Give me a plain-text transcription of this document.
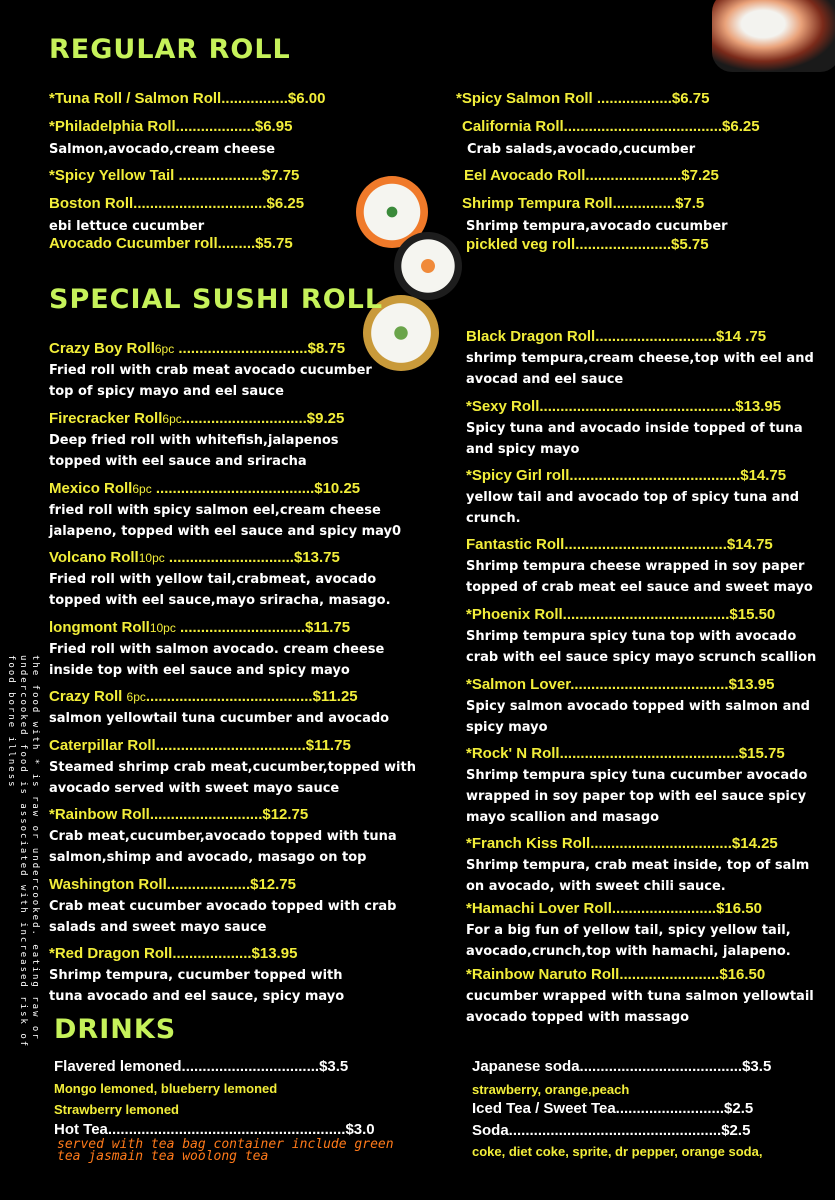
REGULAR ROLL
*Tuna Roll / Salmon Roll................$6.00
*Philadelphia Roll...................$6.95
Salmon,avocado,cream cheese
*Spicy Yellow Tail ....................$7.75
Boston Roll................................$6.25
ebi lettuce cucumber
Avocado Cucumber roll.........$5.75
*Spicy Salmon Roll ..................$6.75
California Roll......................................$6.25
Crab salads,avocado,cucumber
Eel Avocado Roll.......................$7.25
Shrimp Tempura Roll...............$7.5
Shrimp tempura,avocado cucumber
pickled veg roll.......................$5.75
SPECIAL SUSHI ROLL
Crazy Boy Roll6pc ...............................$8.75
Fried roll with crab meat avocado cucumber
top of spicy mayo and eel sauce
Firecracker Roll6pc..............................$9.25
Deep fried roll with whitefish,jalapenos
topped with eel sauce and sriracha
Mexico Roll6pc ......................................$10.25
fried roll with spicy salmon eel,cream cheese
jalapeno, topped with eel sauce and spicy may0
Volcano Roll10pc ..............................$13.75
Fried roll with yellow tail,crabmeat, avocado
topped with eel sauce,mayo sriracha, masago.
longmont Roll10pc ..............................$11.75
Fried roll with salmon avocado. cream cheese
inside top with eel sauce and spicy mayo
Crazy Roll 6pc........................................$11.25
salmon yellowtail tuna cucumber and avocado
Caterpillar Roll....................................$11.75
Steamed shrimp crab meat,cucumber,topped with
avocado served with sweet mayo sauce
*Rainbow Roll...........................$12.75
Crab meat,cucumber,avocado topped with tuna
salmon,shimp and avocado, masago on top
Washington Roll....................$12.75
Crab meat cucumber avocado topped with crab
salads and sweet mayo sauce
*Red Dragon Roll...................$13.95
Shrimp tempura, cucumber topped with
tuna avocado and eel sauce, spicy mayo
Black Dragon Roll.............................$14 .75
shrimp tempura,cream cheese,top with eel and
avocad and eel sauce
*Sexy Roll...............................................$13.95
Spicy tuna and avocado inside topped of tuna
and spicy mayo
*Spicy Girl roll.........................................$14.75
yellow tail and avocado top of spicy tuna and
crunch.
Fantastic Roll.......................................$14.75
Shrimp tempura cheese wrapped in soy paper
topped of crab meat eel sauce and sweet mayo
*Phoenix Roll........................................$15.50
Shrimp tempura spicy tuna top with avocado
crab with eel sauce spicy mayo scrunch scallion
*Salmon Lover......................................$13.95
Spicy salmon avocado topped with salmon and
spicy mayo
*Rock' N Roll...........................................$15.75
Shrimp tempura spicy tuna cucumber avocado
wrapped in soy paper top with eel sauce spicy
mayo scallion and masago
*Franch Kiss Roll..................................$14.25
Shrimp tempura, crab meat inside, top of salm
on avocado, with sweet chili sauce.
*Hamachi Lover Roll.........................$16.50
For a big fun of yellow tail, spicy yellow tail,
avocado,crunch,top with hamachi, jalapeno.
*Rainbow Naruto Roll........................$16.50
cucumber wrapped with tuna salmon yellowtail
avocado topped with massago
food borne illness undercooked food is associated with increased risk of the food with * is raw or undercooked. eating raw or DRINKS
Flavered lemoned.................................$3.5
Mongo lemoned, blueberry lemoned
Strawberry lemoned
Hot Tea.........................................................$3.0
served with tea bag container include green
tea jasmain tea woolong tea
Japanese soda.......................................$3.5
strawberry, orange,peach
Iced Tea / Sweet Tea..........................$2.5
Soda...................................................$2.5
coke, diet coke, sprite, dr pepper, orange soda,
